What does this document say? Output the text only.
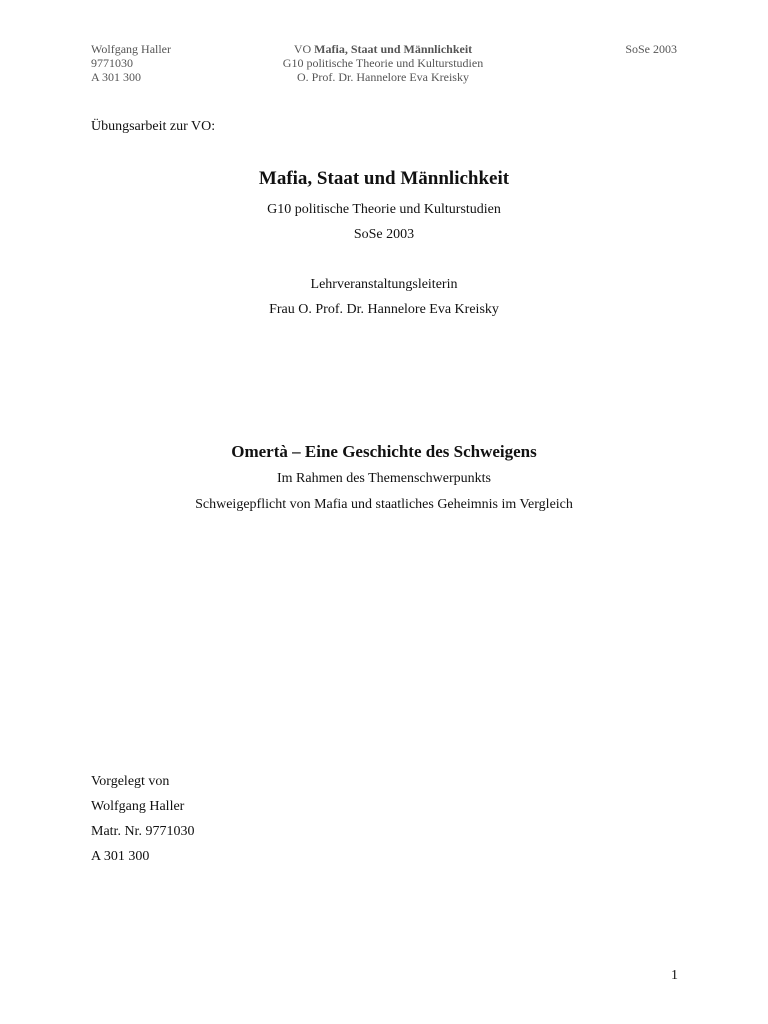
Wolfgang Haller
9771030
A 301 300
VO Mafia, Staat und Männlichkeit
G10 politische Theorie und Kulturstudien
O. Prof. Dr. Hannelore Eva Kreisky
SoSe 2003
Übungsarbeit zur VO:
Mafia, Staat und Männlichkeit
G10 politische Theorie und Kulturstudien
SoSe 2003
Lehrveranstaltungsleiterin
Frau O. Prof. Dr. Hannelore Eva Kreisky
Omertà – Eine Geschichte des Schweigens
Im Rahmen des Themenschwerpunkts
Schweigepflicht von Mafia und staatliches Geheimnis im Vergleich
Vorgelegt von
Wolfgang Haller
Matr. Nr. 9771030
A 301 300
1
